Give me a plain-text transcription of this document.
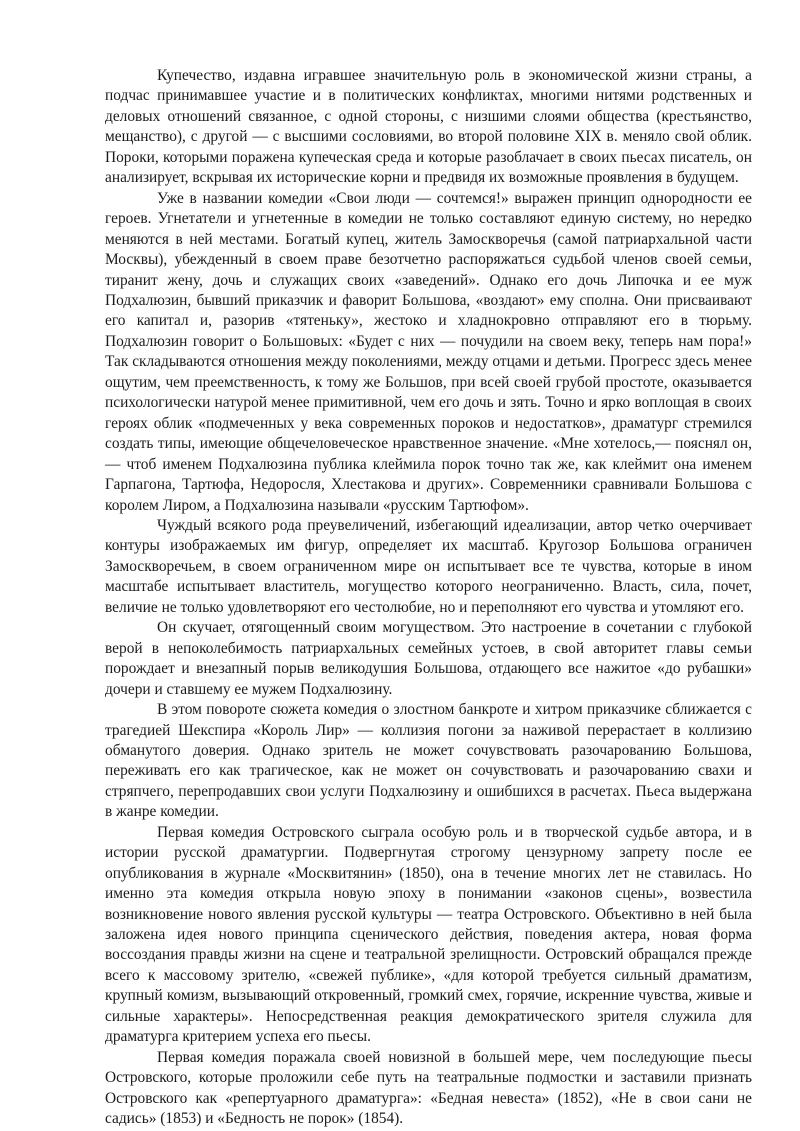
Купечество, издавна игравшее значительную роль в экономической жизни страны, а подчас принимавшее участие и в политических конфликтах, многими нитями родственных и деловых отношений связанное, с одной стороны, с низшими слоями общества (крестьянство, мещанство), с другой — с высшими сословиями, во второй половине XIX в. меняло свой облик. Пороки, которыми поражена купеческая среда и которые разоблачает в своих пьесах писатель, он анализирует, вскрывая их исторические корни и предвидя их возможные проявления в будущем.

Уже в названии комедии «Свои люди — сочтемся!» выражен принцип однородности ее героев. Угнетатели и угнетенные в комедии не только составляют единую систему, но нередко меняются в ней местами. Богатый купец, житель Замоскворечья (самой патриархальной части Москвы), убежденный в своем праве безотчетно распоряжаться судьбой членов своей семьи, тиранит жену, дочь и служащих своих «заведений». Однако его дочь Липочка и ее муж Подхалюзин, бывший приказчик и фаворит Большова, «воздают» ему сполна. Они присваивают его капитал и, разорив «тятеньку», жестоко и хладнокровно отправляют его в тюрьму. Подхалюзин говорит о Большовых: «Будет с них — почудили на своем веку, теперь нам пора!» Так складываются отношения между поколениями, между отцами и детьми. Прогресс здесь менее ощутим, чем преемственность, к тому же Большов, при всей своей грубой простоте, оказывается психологически натурой менее примитивной, чем его дочь и зять. Точно и ярко воплощая в своих героях облик «подмеченных у века современных пороков и недостатков», драматург стремился создать типы, имеющие общечеловеческое нравственное значение. «Мне хотелось,— пояснял он,— чтоб именем Подхалюзина публика клеймила порок точно так же, как клеймит она именем Гарпагона, Тартюфа, Недоросля, Хлестакова и других». Современники сравнивали Большова с королем Лиром, а Подхалюзина называли «русским Тартюфом».

Чуждый всякого рода преувеличений, избегающий идеализации, автор четко очерчивает контуры изображаемых им фигур, определяет их масштаб. Кругозор Большова ограничен Замоскворечьем, в своем ограниченном мире он испытывает все те чувства, которые в ином масштабе испытывает властитель, могущество которого неограниченно. Власть, сила, почет, величие не только удовлетворяют его честолюбие, но и переполняют его чувства и утомляют его.

Он скучает, отягощенный своим могуществом. Это настроение в сочетании с глубокой верой в непоколебимость патриархальных семейных устоев, в свой авторитет главы семьи порождает и внезапный порыв великодушия Большова, отдающего все нажитое «до рубашки» дочери и ставшему ее мужем Подхалюзину.

В этом повороте сюжета комедия о злостном банкроте и хитром приказчике сближается с трагедией Шекспира «Король Лир» — коллизия погони за наживой перерастает в коллизию обманутого доверия. Однако зритель не может сочувствовать разочарованию Большова, переживать его как трагическое, как не может он сочувствовать и разочарованию свахи и стряпчего, перепродавших свои услуги Подхалюзину и ошибшихся в расчетах. Пьеса выдержана в жанре комедии.

Первая комедия Островского сыграла особую роль и в творческой судьбе автора, и в истории русской драматургии. Подвергнутая строгому цензурному запрету после ее опубликования в журнале «Москвитянин» (1850), она в течение многих лет не ставилась. Но именно эта комедия открыла новую эпоху в понимании «законов сцены», возвестила возникновение нового явления русской культуры — театра Островского. Объективно в ней была заложена идея нового принципа сценического действия, поведения актера, новая форма воссоздания правды жизни на сцене и театральной зрелищности. Островский обращался прежде всего к массовому зрителю, «свежей публике», «для которой требуется сильный драматизм, крупный комизм, вызывающий откровенный, громкий смех, горячие, искренние чувства, живые и сильные характеры». Непосредственная реакция демократического зрителя служила для драматурга критерием успеха его пьесы.

Первая комедия поражала своей новизной в большей мере, чем последующие пьесы Островского, которые проложили себе путь на театральные подмостки и заставили признать Островского как «репертуарного драматурга»: «Бедная невеста» (1852), «Не в свои сани не садись» (1853) и «Бедность не порок» (1854).
